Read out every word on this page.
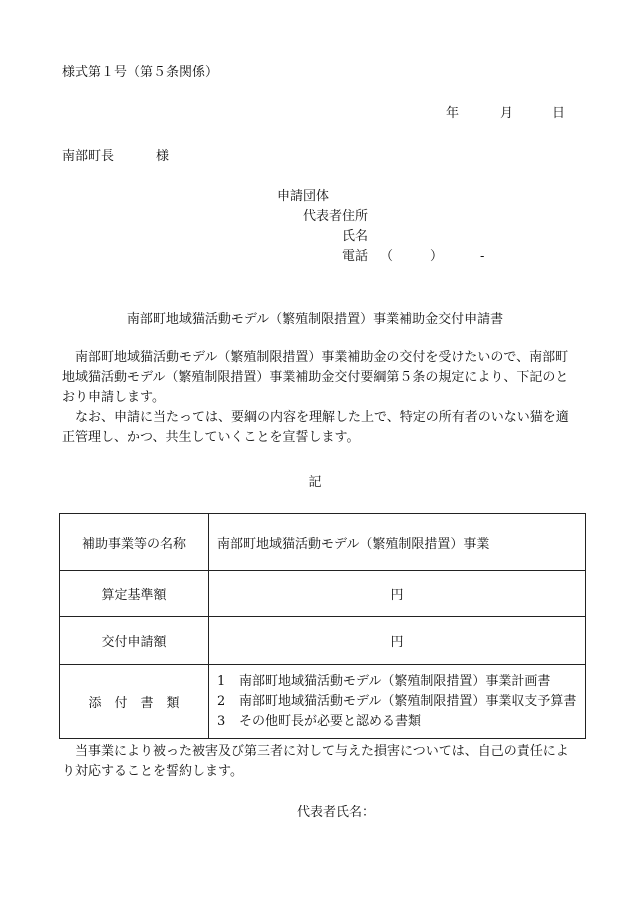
様式第１号（第５条関係）
年	月	日
南部町長	様
申請団体
代表者住所
氏名
電話 （	）	-
南部町地域猫活動モデル（繁殖制限措置）事業補助金交付申請書

南部町地域猫活動モデル（繁殖制限措置）事業補助金の交付を受けたいので、南部町地域猫活動モデル（繁殖制限措置）事業補助金交付要綱第５条の規定により、下記のとおり申請します。

なお、申請に当たっては、要綱の内容を理解した上で、特定の所有者のいない猫を適正管理し、かつ、共生していくことを宣誓します。

記
補助事業等の名称	南部町地域猫活動モデル（繁殖制限措置）事業
算定基準額	円
交付申請額	円
添　付　書　類	1 南部町地域猫活動モデル（繁殖制限措置）事業計画書
2 南部町地域猫活動モデル（繁殖制限措置）事業収支予算書
3 その他町長が必要と認める書類

当事業により被った被害及び第三者に対して与えた損害については、自己の責任により対応することを誓約します。

代表者氏名：
